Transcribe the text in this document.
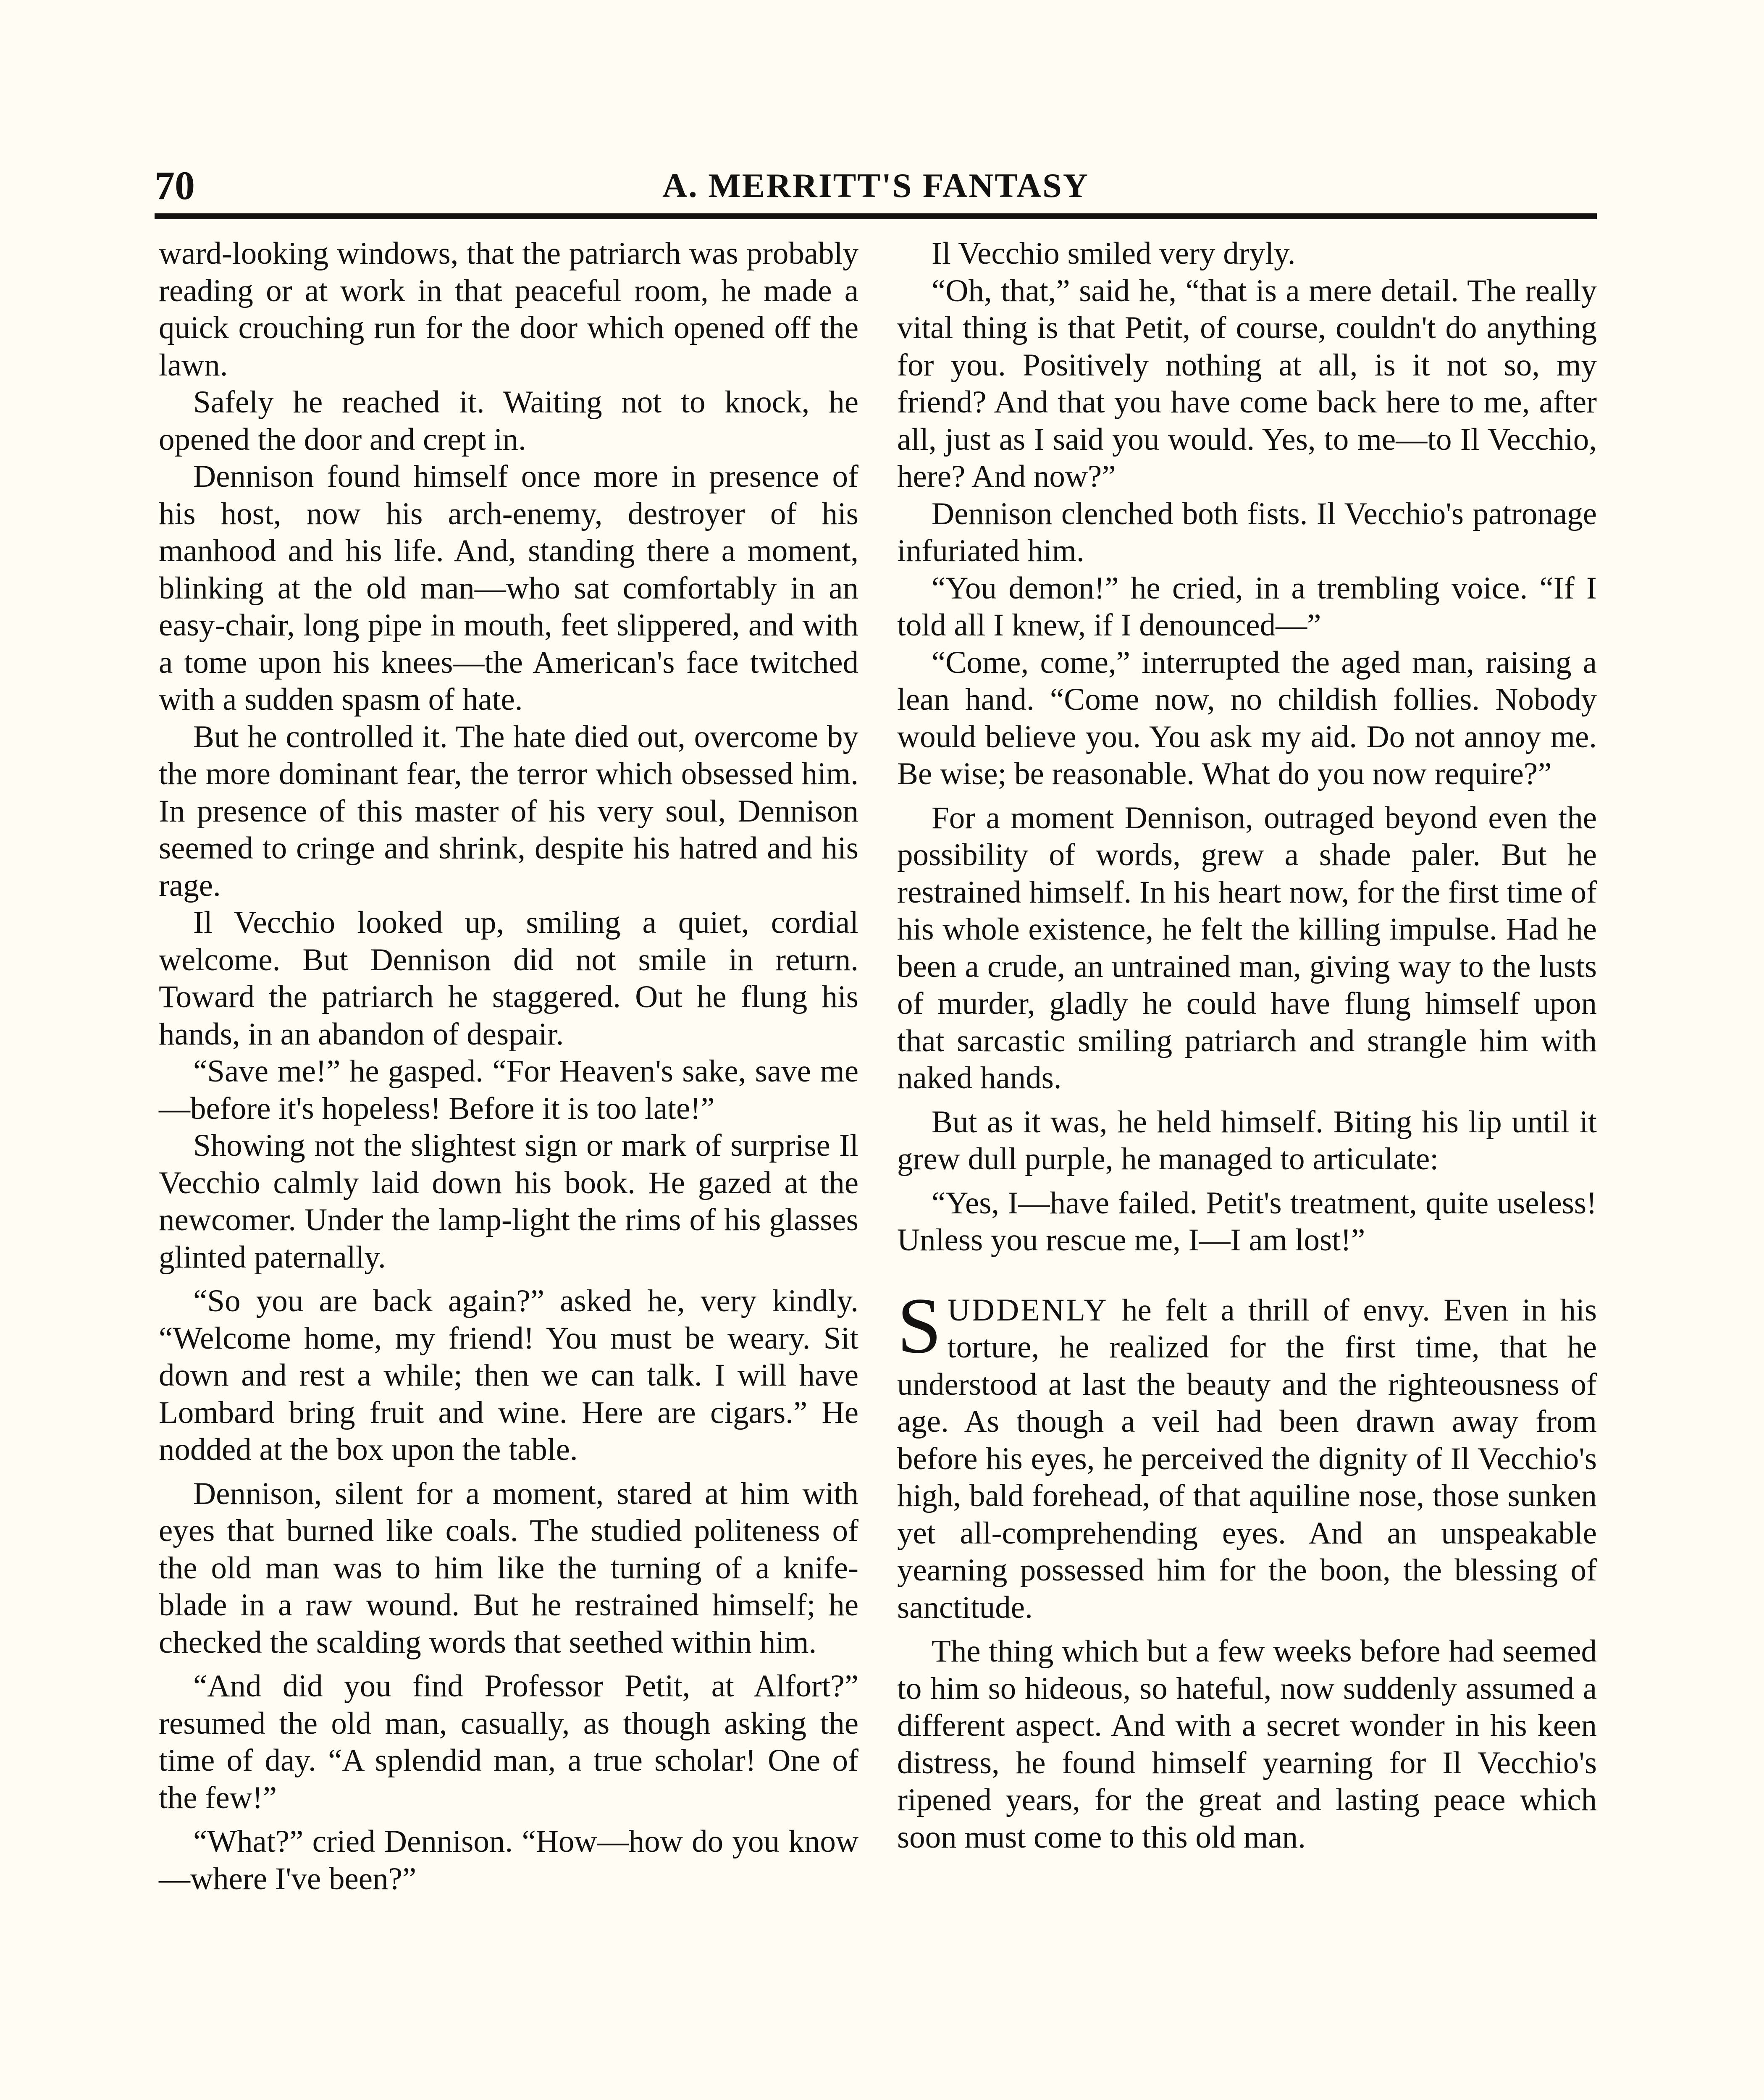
70	A. MERRITT'S FANTASY

ward-looking windows, that the patriarch was probably reading or at work in that peaceful room, he made a quick crouching run for the door which opened off the lawn.

Safely he reached it. Waiting not to knock, he opened the door and crept in.

Dennison found himself once more in presence of his host, now his arch-enemy, destroyer of his manhood and his life. And, standing there a moment, blinking at the old man—who sat comfortably in an easy-chair, long pipe in mouth, feet slippered, and with a tome upon his knees—the American's face twitched with a sudden spasm of hate.

But he controlled it. The hate died out, overcome by the more dominant fear, the terror which obsessed him. In presence of this master of his very soul, Dennison seemed to cringe and shrink, despite his hatred and his rage.

Il Vecchio looked up, smiling a quiet, cordial welcome. But Dennison did not smile in return. Toward the patriarch he staggered. Out he flung his hands, in an abandon of despair.

“Save me!” he gasped. “For Heaven's sake, save me—before it's hopeless! Before it is too late!”

Showing not the slightest sign or mark of surprise Il Vecchio calmly laid down his book. He gazed at the newcomer. Under the lamp-light the rims of his glasses glinted paternally.

“So you are back again?” asked he, very kindly. “Welcome home, my friend! You must be weary. Sit down and rest a while; then we can talk. I will have Lombard bring fruit and wine. Here are cigars.” He nodded at the box upon the table.

Dennison, silent for a moment, stared at him with eyes that burned like coals. The studied politeness of the old man was to him like the turning of a knife-blade in a raw wound. But he restrained himself; he checked the scalding words that seethed within him.

“And did you find Professor Petit, at Alfort?” resumed the old man, casually, as though asking the time of day. “A splendid man, a true scholar! One of the few!”

“What?” cried Dennison. “How—how do you know—where I've been?”

Il Vecchio smiled very dryly.

“Oh, that,” said he, “that is a mere detail. The really vital thing is that Petit, of course, couldn't do anything for you. Positively nothing at all, is it not so, my friend? And that you have come back here to me, after all, just as I said you would. Yes, to me—to Il Vecchio, here? And now?”

Dennison clenched both fists. Il Vecchio's patronage infuriated him.

“You demon!” he cried, in a trembling voice. “If I told all I knew, if I denounced—”

“Come, come,” interrupted the aged man, raising a lean hand. “Come now, no childish follies. Nobody would believe you. You ask my aid. Do not annoy me. Be wise; be reasonable. What do you now require?”

For a moment Dennison, outraged beyond even the possibility of words, grew a shade paler. But he restrained himself. In his heart now, for the first time of his whole existence, he felt the killing impulse. Had he been a crude, an untrained man, giving way to the lusts of murder, gladly he could have flung himself upon that sarcastic smiling patriarch and strangle him with naked hands.

But as it was, he held himself. Biting his lip until it grew dull purple, he managed to articulate:

“Yes, I—have failed. Petit's treatment, quite useless! Unless you rescue me, I—I am lost!”

SUDDENLY he felt a thrill of envy. Even in his torture, he realized for the first time, that he understood at last the beauty and the righteousness of age. As though a veil had been drawn away from before his eyes, he perceived the dignity of Il Vecchio's high, bald forehead, of that aquiline nose, those sunken yet all-comprehending eyes. And an unspeakable yearning possessed him for the boon, the blessing of sanctitude.

The thing which but a few weeks before had seemed to him so hideous, so hateful, now suddenly assumed a different aspect. And with a secret wonder in his keen distress, he found himself yearning for Il Vecchio's ripened years, for the great and lasting peace which soon must come to this old man.
